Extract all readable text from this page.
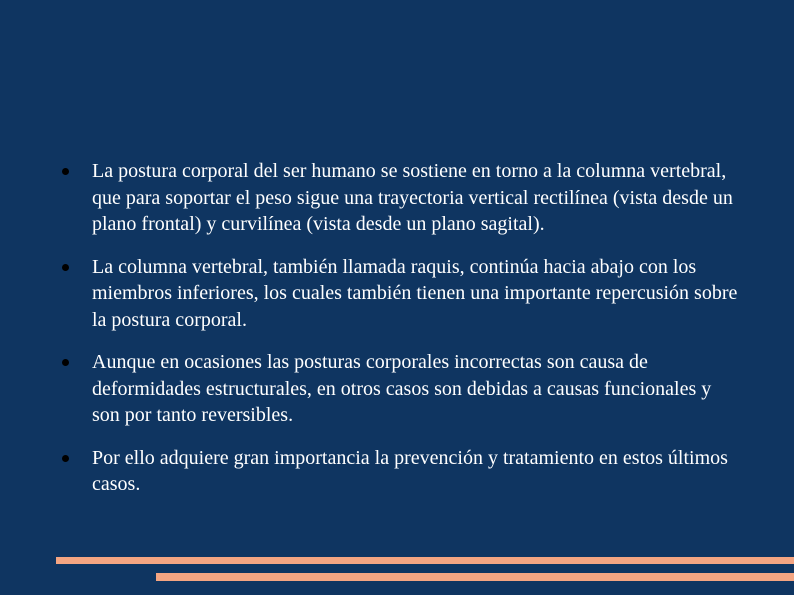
La postura corporal del ser humano se sostiene en torno a la columna vertebral, que para soportar el peso sigue una trayectoria vertical rectilínea (vista desde un plano frontal) y curvilínea (vista desde un plano sagital).
La columna vertebral, también llamada raquis, continúa hacia abajo con los miembros inferiores, los cuales también tienen una importante repercusión sobre la postura corporal.
Aunque en ocasiones las posturas corporales incorrectas son causa de deformidades estructurales, en otros casos son debidas a causas funcionales y son por tanto reversibles.
Por ello adquiere gran importancia la prevención y tratamiento en estos últimos casos.
